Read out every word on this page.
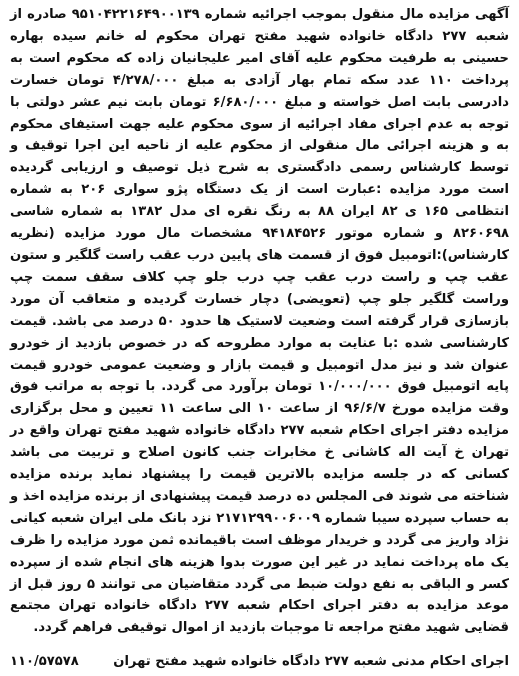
آگهی مزایده مال منقول بموجب اجرائیه شماره ۹۵۱۰۴۲۲۱۶۴۹۰۰۱۳۹ صادره از شعبه ۲۷۷ دادگاه خانواده شهید مفتح تهران محکوم له خانم سیده بهاره حسینی به طرفیت محکوم علیه آقای امیر علیجانیان زاده که محکوم است به پرداخت ۱۱۰ عدد سکه تمام بهار آزادی به مبلغ ۴/۲۷۸/۰۰۰ تومان خسارت دادرسی بابت اصل خواسته و مبلغ ۶/۶۸۰/۰۰۰ تومان بابت نیم عشر دولتی با توجه به عدم اجرای مفاد اجرائیه از سوی محکوم علیه جهت استیفای محکوم به و هزینه اجرائی مال منقولی از محکوم علیه از ناحیه این اجرا توقیف و توسط کارشناس رسمی دادگستری به شرح ذیل توصیف و ارزیابی گردیده است مورد مزایده :عبارت است از یک دستگاه پژو سواری ۲۰۶ به شماره انتظامی ۱۶۵ ی ۸۲ ایران ۸۸ به رنگ نقره ای مدل ۱۳۸۲ به شماره شاسی ۸۲۶۰۶۹۸ و شماره موتور ۹۴۱۸۴۵۲۶ مشخصات مال مورد مزایده (نظریه کارشناس):اتومبیل فوق از قسمت های پایین درب عقب راست گلگیر و ستون عقب چپ و راست درب عقب چپ درب جلو چپ کلاف سقف سمت چپ وراست گلگیر جلو چپ (تعویضی) دچار خسارت گردیده و متعاقب آن مورد بازسازی قرار گرفته است وضعیت لاستیک ها حدود ۵۰ درصد می باشد. قیمت کارشناسی شده :با عنایت به موارد مطروحه که در خصوص بازدید از خودرو عنوان شد و نیز مدل اتومبیل و قیمت بازار و وضعیت عمومی خودرو قیمت پایه اتومبیل فوق ۱۰/۰۰۰/۰۰۰ تومان برآورد می گردد. با توجه به مراتب فوق وقت مزایده مورخ ۹۶/۶/۷ از ساعت ۱۰ الی ساعت ۱۱ تعیین و محل برگزاری مزایده دفتر اجرای احکام شعبه ۲۷۷ دادگاه خانواده شهید مفتح تهران واقع در تهران خ آیت اله کاشانی خ مخابرات جنب کانون اصلاح و تربیت می باشد کسانی که در جلسه مزایده بالاترین قیمت را پیشنهاد نماید برنده مزایده شناخته می شوند فی المجلس ده درصد قیمت پیشنهادی از برنده مزایده اخذ و به حساب سپرده سیبا شماره ۲۱۷۱۲۹۹۰۰۶۰۰۹ نزد بانک ملی ایران شعبه کیانی نژاد واریز می گردد و خریدار موظف است باقیمانده ثمن مورد مزایده را ظرف یک ماه پرداخت نماید در غیر این صورت بدوا هزینه های انجام شده از سپرده کسر و الباقی به نفع دولت ضبط می گردد متقاضیان می توانند ۵ روز قبل از موعد مزایده به دفتر اجرای احکام شعبه ۲۷۷ دادگاه خانواده تهران مجتمع قضایی شهید مفتح مراجعه تا موجبات بازدید از اموال توقیفی فراهم گردد.

اجرای احکام مدنی شعبه ۲۷۷ دادگاه خانواده شهید مفتح تهران
۱۱۰/۵۷۵۷۸
